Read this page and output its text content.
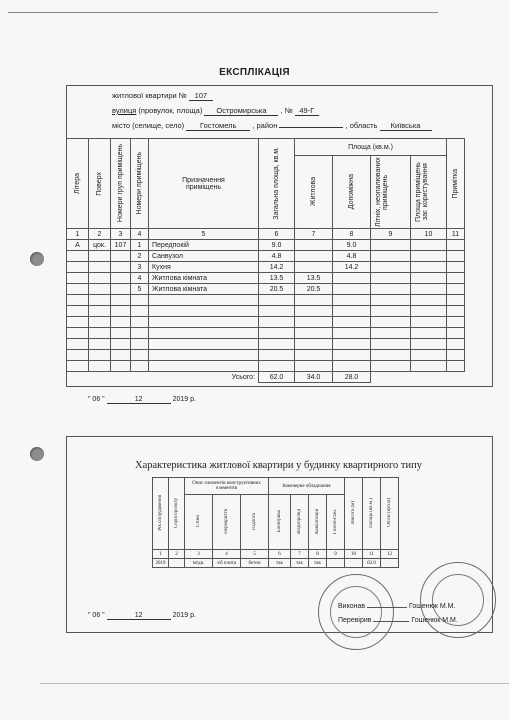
ЕКСПЛІКАЦІЯ
житлової квартири № 107
вулиця (провулок, площа) Остромирська , № 49-Г
місто (селище, село) Гостомель , район	, область Київська
Літера	Поверх	Номери груп приміщень	Номери приміщень	Призначення приміщень	Загальна площа, кв.м.	Площа (кв.м.)				Примітка

						Житлова	Допоміжна	Літніх, неопалюваних приміщень	Площа приміщень заг. користування	

1	2	3	4	5	6	7	8	9	10	11
А	цок.	107	1	Передпокій	9.0		9.0			
			2	Санвузол	4.8		4.8			
			3	Кухня	14.2		14.2			
			4	Житлова кімната	13.5	13.5				
			5	Житлова кімната	20.5	20.5				

Усього:					62.0	34.0	28.0			
" 06 "	12	2019 р.
Характеристика житлової квартири у будинку квартирного типу
Рік спорудження	Серія проекту	Опис елементів конструктивних елементів			Інженерне обладнання				Висота (м)	Площа (кв.м.)	Об'єм (куб.м)
		Стіни	Перекриття	Підлога	Електрика	Водопровід	Каналізація	Газопостач.			
1	2	3	4	5	6	7	8	9	10	11	12
2019		мтдв.	з/б плита	бетон	так	так	так			62.0	
" 06 "	12	2019 р.
Виконав	Гошенюк М.М.
Перевірив	Гошенюк М.М.
